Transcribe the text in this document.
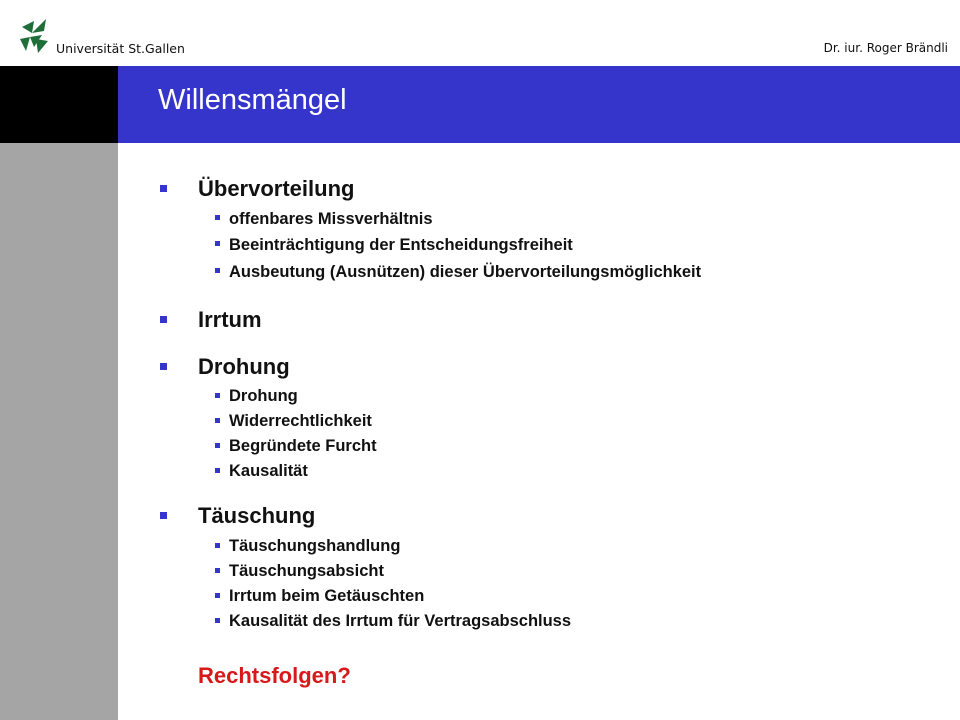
Universität St.Gallen	Dr. iur. Roger Brändli
Willensmängel
Übervorteilung
offenbares Missverhältnis
Beeinträchtigung der Entscheidungsfreiheit
Ausbeutung (Ausnützen) dieser Übervorteilungsmöglichkeit
Irrtum
Drohung
Drohung
Widerrechtlichkeit
Begründete Furcht
Kausalität
Täuschung
Täuschungshandlung
Täuschungsabsicht
Irrtum beim Getäuschten
Kausalität des Irrtum für Vertragsabschluss
Rechtsfolgen?
